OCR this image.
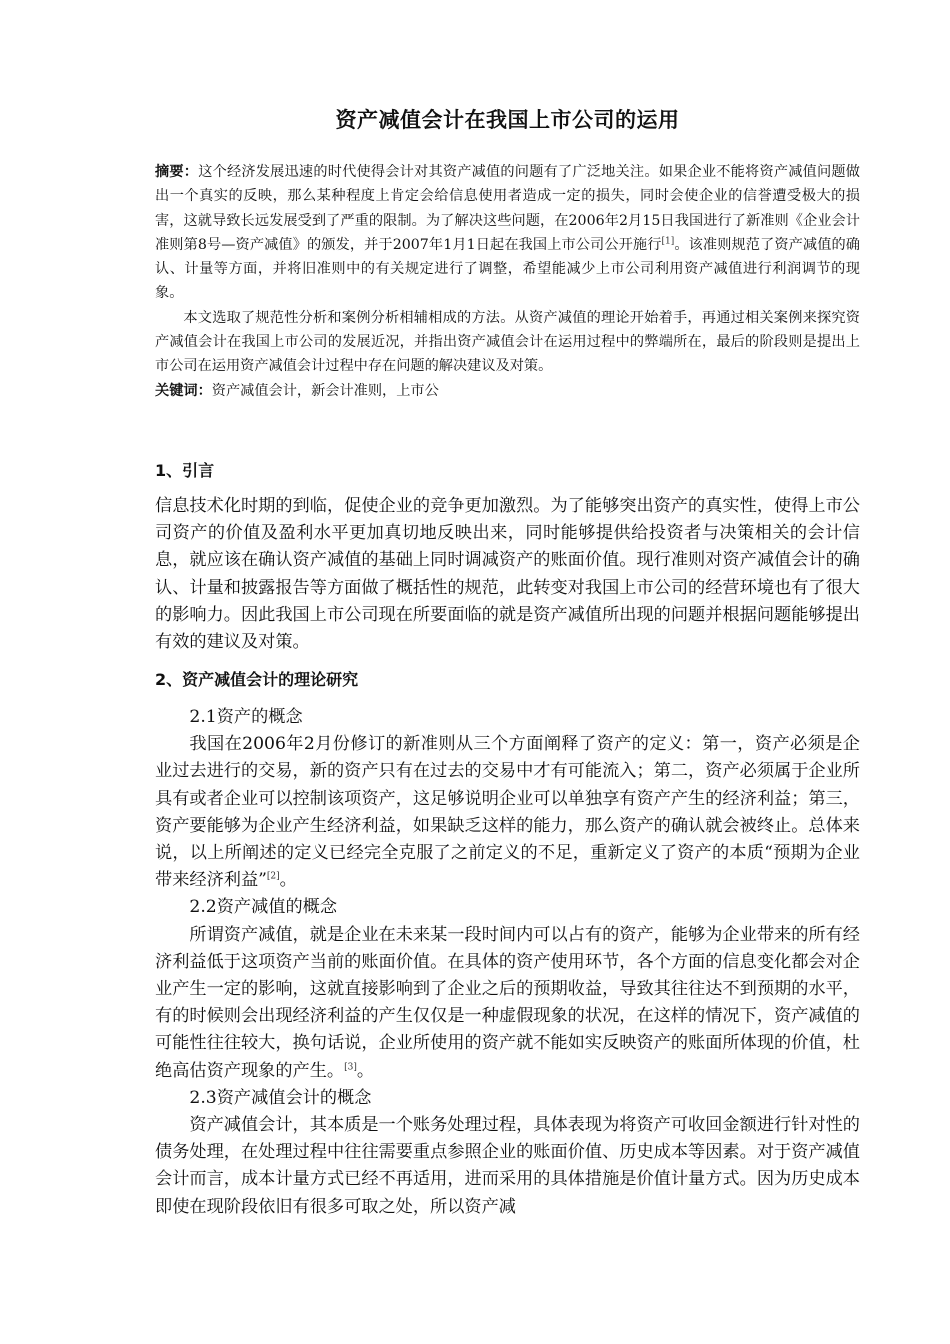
资产减值会计在我国上市公司的运用

摘要：这个经济发展迅速的时代使得会计对其资产减值的问题有了广泛地关注。如果企业不能将资产减值问题做出一个真实的反映，那么某种程度上肯定会给信息使用者造成一定的损失，同时会使企业的信誉遭受极大的损害，这就导致长远发展受到了严重的限制。为了解决这些问题，在2006年2月15日我国进行了新准则《企业会计准则第8号—资产减值》的颁发，并于2007年1月1日起在我国上市公司公开施行[1]。该准则规范了资产减值的确认、计量等方面，并将旧准则中的有关规定进行了调整，希望能减少上市公司利用资产减值进行利润调节的现象。

本文选取了规范性分析和案例分析相辅相成的方法。从资产减值的理论开始着手，再通过相关案例来探究资产减值会计在我国上市公司的发展近况，并指出资产减值会计在运用过程中的弊端所在，最后的阶段则是提出上市公司在运用资产减值会计过程中存在问题的解决建议及对策。

关键词：资产减值会计，新会计准则，上市公

1、引言

信息技术化时期的到临，促使企业的竞争更加激烈。为了能够突出资产的真实性，使得上市公司资产的价值及盈利水平更加真切地反映出来，同时能够提供给投资者与决策相关的会计信息，就应该在确认资产减值的基础上同时调减资产的账面价值。现行准则对资产减值会计的确认、计量和披露报告等方面做了概括性的规范，此转变对我国上市公司的经营环境也有了很大的影响力。因此我国上市公司现在所要面临的就是资产减值所出现的问题并根据问题能够提出有效的建议及对策。

2、资产减值会计的理论研究

2.1资产的概念

我国在2006年2月份修订的新准则从三个方面阐释了资产的定义：第一，资产必须是企业过去进行的交易，新的资产只有在过去的交易中才有可能流入；第二，资产必须属于企业所具有或者企业可以控制该项资产，这足够说明企业可以单独享有资产产生的经济利益；第三，资产要能够为企业产生经济利益，如果缺乏这样的能力，那么资产的确认就会被终止。总体来说，以上所阐述的定义已经完全克服了之前定义的不足，重新定义了资产的本质“预期为企业带来经济利益”[2]。

2.2资产减值的概念

所谓资产减值，就是企业在未来某一段时间内可以占有的资产，能够为企业带来的所有经济利益低于这项资产当前的账面价值。在具体的资产使用环节，各个方面的信息变化都会对企业产生一定的影响，这就直接影响到了企业之后的预期收益，导致其往往达不到预期的水平，有的时候则会出现经济利益的产生仅仅是一种虚假现象的状况，在这样的情况下，资产减值的可能性往往较大，换句话说，企业所使用的资产就不能如实反映资产的账面所体现的价值，杜绝高估资产现象的产生。[3]。

2.3资产减值会计的概念

资产减值会计，其本质是一个账务处理过程，具体表现为将资产可收回金额进行针对性的债务处理，在处理过程中往往需要重点参照企业的账面价值、历史成本等因素。对于资产减值会计而言，成本计量方式已经不再适用，进而采用的具体措施是价值计量方式。因为历史成本即使在现阶段依旧有很多可取之处，所以资产减
